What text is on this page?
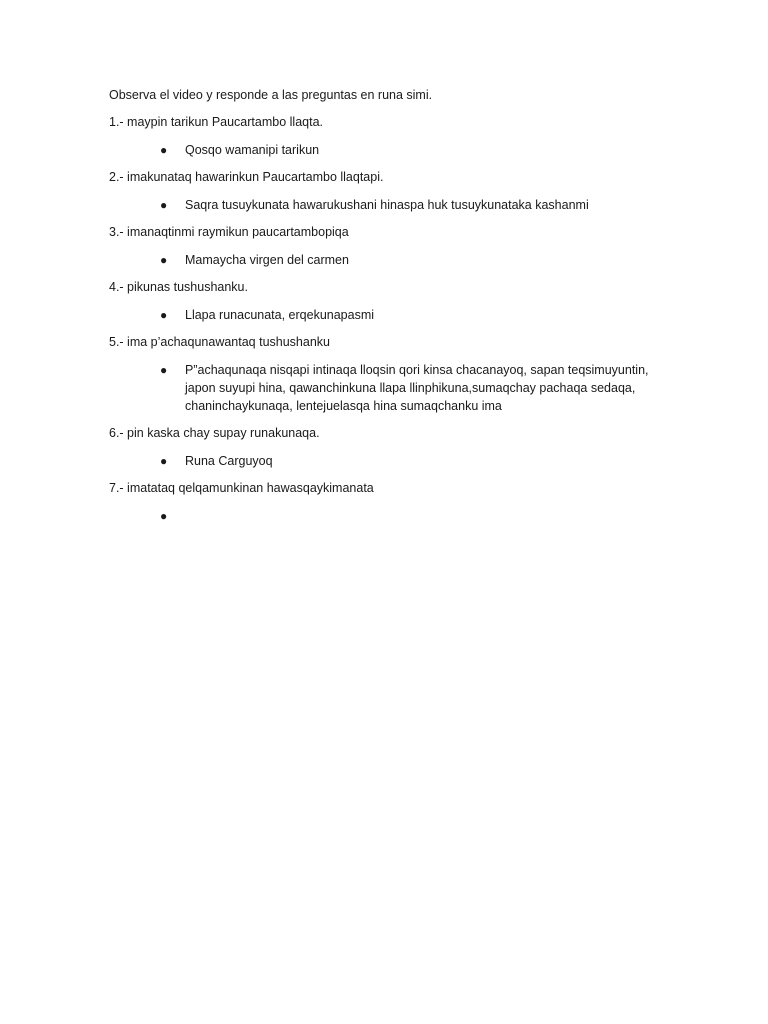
Observa el video y responde a las preguntas en runa simi.

1.- maypin tarikun Paucartambo llaqta.

● Qosqo wamanipi tarikun

2.- imakunataq hawarinkun Paucartambo llaqtapi.

● Saqra tusuykunata hawarukushani hinaspa huk tusuykunataka kashanmi

3.- imanaqtinmi raymikun paucartambopiqa

● Mamaycha virgen del carmen

4.- pikunas tushushanku.

● Llapa runacunata, erqekunapasmi

5.- ima p’achaqunawantaq tushushanku

● P”achaqunaqa nisqapi intinaqa lloqsin qori kinsa chacanayoq, sapan teqsimuyuntin, japon suyupi hina, qawanchinkuna llapa llinphikuna,sumaqchay pachaqa sedaqa, chaninchaykunaqa, lentejuelasqa hina sumaqchanku ima

6.- pin kaska chay supay runakunaqa.

● Runa Carguyoq

7.- imatataq qelqamunkinan hawasqaykimanata

●
